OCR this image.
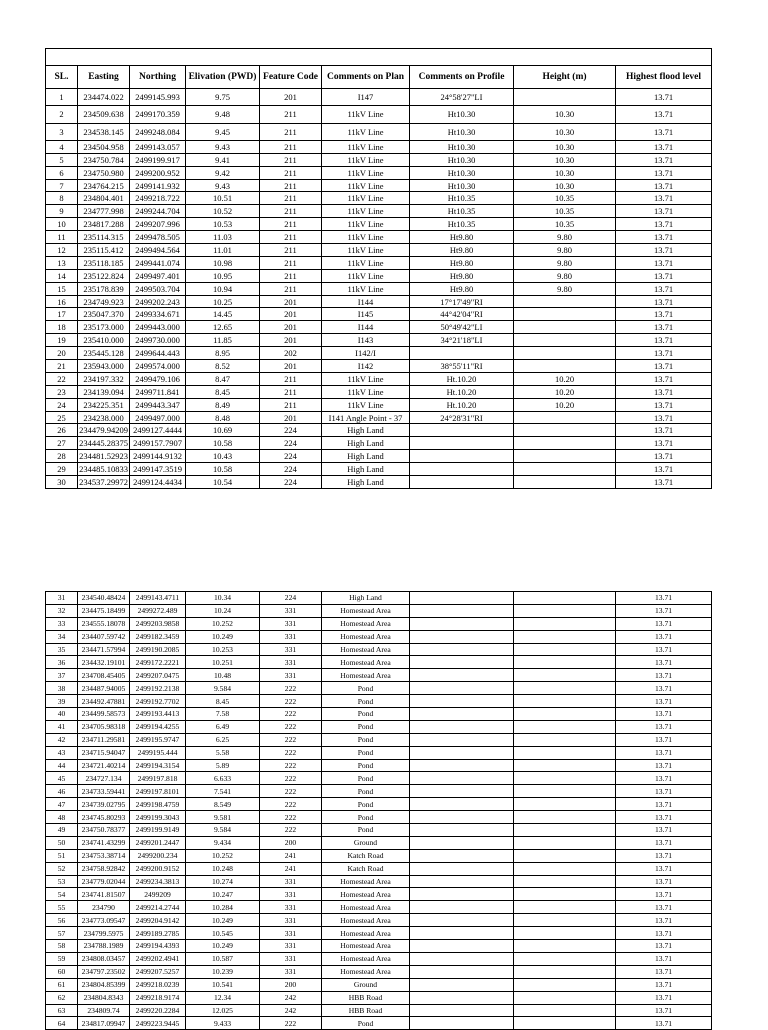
SL.	Easting	Northing	Elivation (PWD)	Feature Code	Comments on Plan	Comments on Profile	Height (m)	Highest flood level
1	234474.022	2499145.993	9.75	201	I147	24°58'27"LI		13.71
2	234509.638	2499170.359	9.48	211	11kV Line	Ht10.30	10.30	13.71
3	234538.145	2499248.084	9.45	211	11kV Line	Ht10.30	10.30	13.71
4	234504.958	2499143.057	9.43	211	11kV Line	Ht10.30	10.30	13.71
5	234750.784	2499199.917	9.41	211	11kV Line	Ht10.30	10.30	13.71
6	234750.980	2499200.952	9.42	211	11kV Line	Ht10.30	10.30	13.71
7	234764.215	2499141.932	9.43	211	11kV Line	Ht10.30	10.30	13.71
8	234804.401	2499218.722	10.51	211	11kV Line	Ht10.35	10.35	13.71
9	234777.998	2499244.704	10.52	211	11kV Line	Ht10.35	10.35	13.71
10	234817.288	2499207.996	10.53	211	11kV Line	Ht10.35	10.35	13.71
11	235114.315	2499478.505	11.03	211	11kV Line	Ht9.80	9.80	13.71
12	235115.412	2499494.564	11.01	211	11kV Line	Ht9.80	9.80	13.71
13	235118.185	2499441.074	10.98	211	11kV Line	Ht9.80	9.80	13.71
14	235122.824	2499497.401	10.95	211	11kV Line	Ht9.80	9.80	13.71
15	235178.839	2499503.704	10.94	211	11kV Line	Ht9.80	9.80	13.71
16	234749.923	2499202.243	10.25	201	I144	17°17'49"RI		13.71
17	235047.370	2499334.671	14.45	201	I145	44°42'04"RI		13.71
18	235173.000	2499443.000	12.65	201	I144	50°49'42"LI		13.71
19	235410.000	2499730.000	11.85	201	I143	34°21'18"LI		13.71
20	235445.128	2499644.443	8.95	202	I142/I			13.71
21	235943.000	2499574.000	8.52	201	I142	38°55'11"RI		13.71
22	234197.332	2499479.106	8.47	211	11kV Line	Ht.10.20	10.20	13.71
23	234139.094	2499711.841	8.45	211	11kV Line	Ht.10.20	10.20	13.71
24	234225.351	2499443.347	8.49	211	11kV Line	Ht.10.20	10.20	13.71
25	234238.000	2499497.000	8.48	201	I141 Angle Point - 37	24°28'31"RI		13.71
26	234479.94209	2499127.4444	10.69	224	High Land			13.71
27	234445.28375	2499157.7907	10.58	224	High Land			13.71
28	234481.52923	2499144.9132	10.43	224	High Land			13.71
29	234485.10833	2499147.3519	10.58	224	High Land			13.71
30	234537.29972	2499124.4434	10.54	224	High Land			13.71
31	234540.48424	2499143.4711	10.34	224	High Land			13.71
32	234475.18499	2499272.489	10.24	331	Homestead Area			13.71
33	234555.18078	2499203.9858	10.252	331	Homestead Area			13.71
34	234407.59742	2499182.3459	10.249	331	Homestead Area			13.71
35	234471.57994	2499190.2085	10.253	331	Homestead Area			13.71
36	234432.19101	2499172.2221	10.251	331	Homestead Area			13.71
37	234708.45405	2499207.0475	10.48	331	Homestead Area			13.71
38	234487.94005	2499192.2138	9.584	222	Pond			13.71
39	234492.47881	2499192.7702	8.45	222	Pond			13.71
40	234499.58573	2499193.4413	7.58	222	Pond			13.71
41	234705.98318	2499194.4255	6.49	222	Pond			13.71
42	234711.29581	2499195.9747	6.25	222	Pond			13.71
43	234715.94047	2499195.444	5.58	222	Pond			13.71
44	234721.40214	2499194.3154	5.89	222	Pond			13.71
45	234727.134	2499197.818	6.633	222	Pond			13.71
46	234733.59441	2499197.8101	7.541	222	Pond			13.71
47	234739.02795	2499198.4759	8.549	222	Pond			13.71
48	234745.80293	2499199.3043	9.581	222	Pond			13.71
49	234750.78377	2499199.9149	9.584	222	Pond			13.71
50	234741.43299	2499201.2447	9.434	200	Ground			13.71
51	234753.38714	2499200.234	10.252	241	Katch Road			13.71
52	234758.92842	2499200.9152	10.248	241	Katch Road			13.71
53	234779.02044	2499234.3813	10.274	331	Homestead Area			13.71
54	234741.81507	2499209	10.247	331	Homestead Area			13.71
55	234790	2499214.2744	10.284	331	Homestead Area			13.71
56	234773.09547	2499204.9142	10.249	331	Homestead Area			13.71
57	234799.5975	2499189.2785	10.545	331	Homestead Area			13.71
58	234788.1989	2499194.4393	10.249	331	Homestead Area			13.71
59	234808.03457	2499202.4941	10.587	331	Homestead Area			13.71
60	234797.23502	2499207.5257	10.239	331	Homestead Area			13.71
61	234804.85399	2499218.0239	10.541	200	Ground			13.71
62	234804.8343	2499218.9174	12.34	242	HBB Road			13.71
63	234809.74	2499220.2284	12.025	242	HBB Road			13.71
64	234817.09947	2499223.9445	9.433	222	Pond			13.71
